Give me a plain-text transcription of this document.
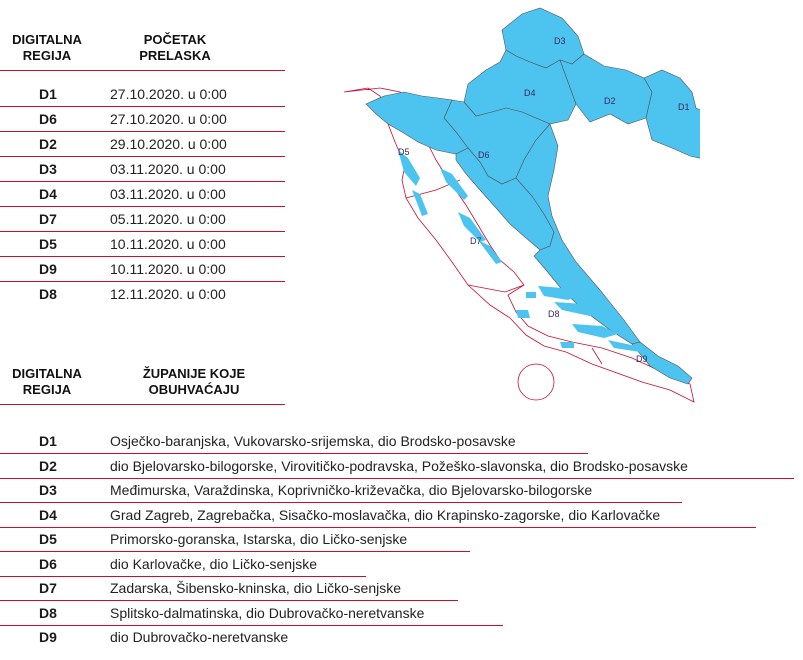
DIGITALNA
REGIJA
POČETAK
PRELASKA
D1	27.10.2020. u 0:00
D6	27.10.2020. u 0:00
D2	29.10.2020. u 0:00
D3	03.11.2020. u 0:00
D4	03.11.2020. u 0:00
D7	05.11.2020. u 0:00
D5	10.11.2020. u 0:00
D9	10.11.2020. u 0:00
D8	12.11.2020. u 0:00
DIGITALNA
REGIJA
ŽUPANIJE KOJE
OBUHVAĆAJU
D1	Osječko-baranjska, Vukovarsko-srijemska, dio Brodsko-posavske
D2	dio Bjelovarsko-bilogorske, Virovitičko-podravska, Požeško-slavonska, dio Brodsko-posavske
D3	Međimurska, Varaždinska, Koprivničko-križevačka, dio Bjelovarsko-bilogorske
D4	Grad Zagreb, Zagrebačka, Sisačko-moslavačka, dio Krapinsko-zagorske, dio Karlovačke
D5	Primorsko-goranska, Istarska, dio Ličko-senjske
D6	dio Karlovačke, dio Ličko-senjske
D7	Zadarska, Šibensko-kninska, dio Ličko-senjske
D8	Splitsko-dalmatinska, dio Dubrovačko-neretvanske
D9	dio Dubrovačko-neretvanske
D3
D4
D2
D1
D5	D6
D7
D8
D9
